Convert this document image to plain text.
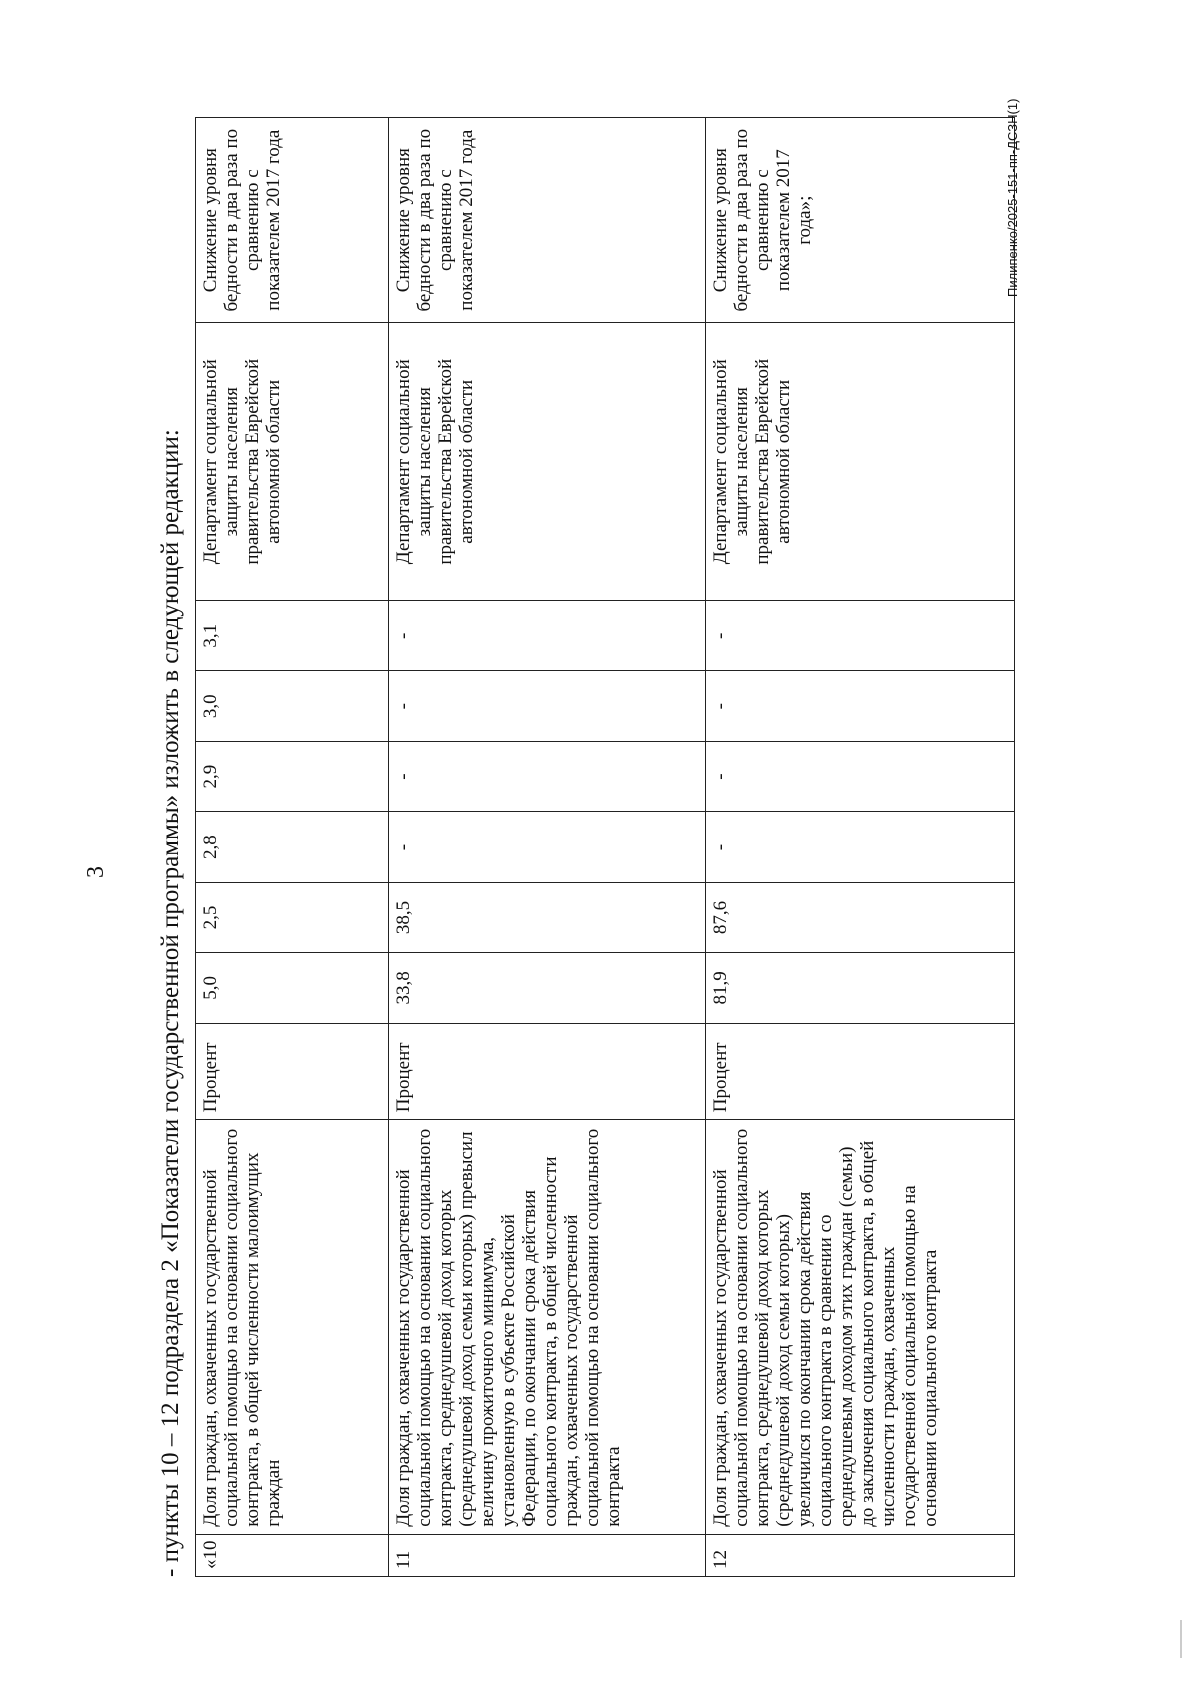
3 - пункты 10 – 12 подраздела 2 «Показатели государственной программы» изложить в следующей редакции: «10	Доля граждан, охваченных государственной социальной помощью на основании социального контракта, в общей численности малоимущих граждан	Процент	5,0	2,5	2,8	2,9	3,0	3,1	Департамент социальной защиты населения правительства Еврейской автономной области	Снижение уровня бедности в два раза по сравнению с показателем 2017 года
11	Доля граждан, охваченных государственной социальной помощью на основании социального контракта, среднедушевой доход которых (среднедушевой доход семьи которых) превысил величину прожиточного минимума, установленную в субъекте Российской Федерации, по окончании срока действия социального контракта, в общей численности граждан, охваченных государственной социальной помощью на основании социального контракта	Процент	33,8	38,5	-	-	-	-	Департамент социальной защиты населения правительства Еврейской автономной области	Снижение уровня бедности в два раза по сравнению с показателем 2017 года
12	Доля граждан, охваченных государственной социальной помощью на основании социального контракта, среднедушевой доход которых (среднедушевой доход семьи которых) увеличился по окончании срока действия социального контракта в сравнении со среднедушевым доходом этих граждан (семьи) до заключения социального контракта, в общей численности граждан, охваченных государственной социальной помощью на основании социального контракта	Процент	81,9	87,6	-	-	-	-	Департамент социальной защиты населения правительства Еврейской автономной области	Снижение уровня бедности в два раза по сравнению с показателем 2017 года»;	Пилипенко/2025-151-пп-ДСЗН(1)
